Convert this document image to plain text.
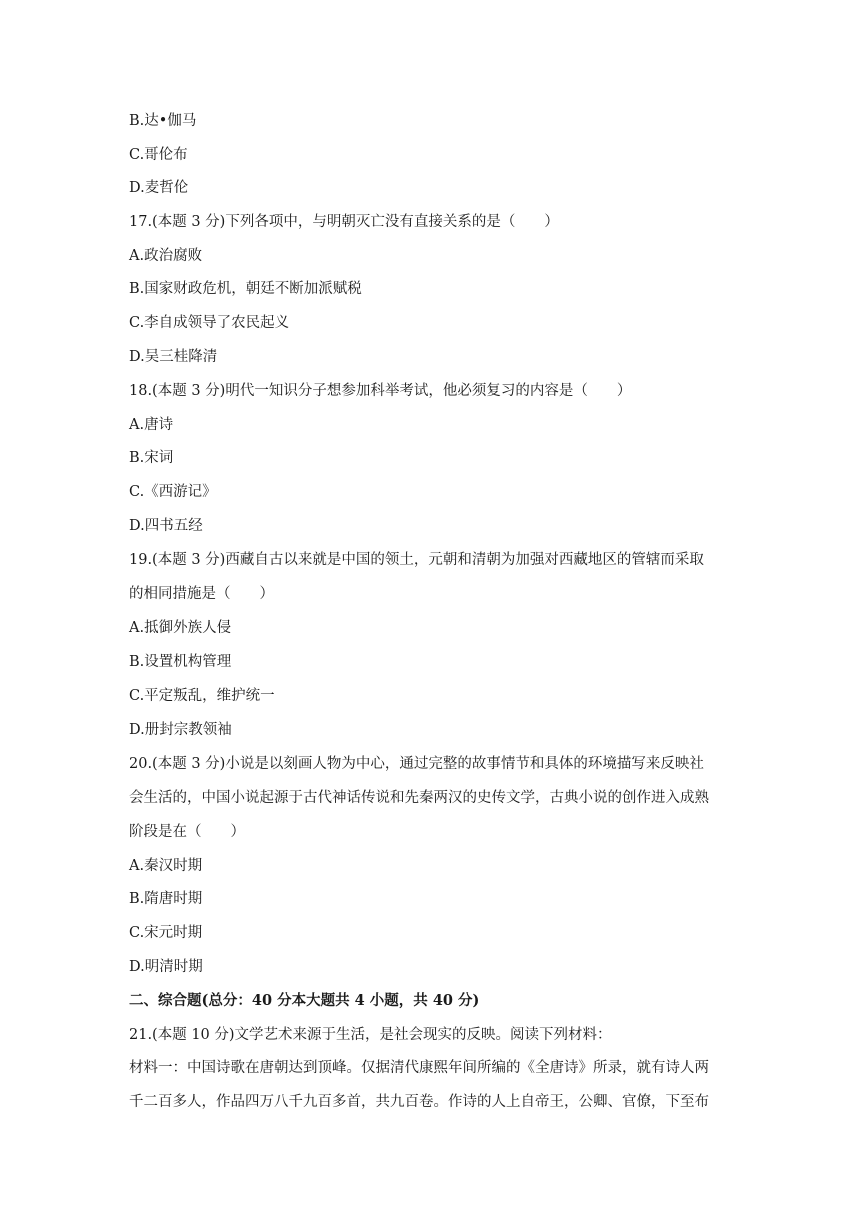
B.达•伽马
C.哥伦布
D.麦哲伦
17.(本题 3 分)下列各项中，与明朝灭亡没有直接关系的是（　　）
A.政治腐败
B.国家财政危机，朝廷不断加派赋税
C.李自成领导了农民起义
D.吴三桂降清
18.(本题 3 分)明代一知识分子想参加科举考试，他必须复习的内容是（　　）
A.唐诗
B.宋词
C.《西游记》
D.四书五经
19.(本题 3 分)西藏自古以来就是中国的领土，元朝和清朝为加强对西藏地区的管辖而采取
的相同措施是（　　）
A.抵御外族人侵
B.设置机构管理
C.平定叛乱，维护统一
D.册封宗教领袖
20.(本题 3 分)小说是以刻画人物为中心，通过完整的故事情节和具体的环境描写来反映社
会生活的，中国小说起源于古代神话传说和先秦两汉的史传文学，古典小说的创作进入成熟
阶段是在（　　）
A.秦汉时期
B.隋唐时期
C.宋元时期
D.明清时期
二、综合题(总分：40 分本大题共 4 小题，共 40 分)
21.(本题 10 分)文学艺术来源于生活，是社会现实的反映。阅读下列材料：
材料一：中国诗歌在唐朝达到顶峰。仅据清代康熙年间所编的《全唐诗》所录，就有诗人两
千二百多人，作品四万八千九百多首，共九百卷。作诗的人上自帝王，公卿、官僚，下至布
